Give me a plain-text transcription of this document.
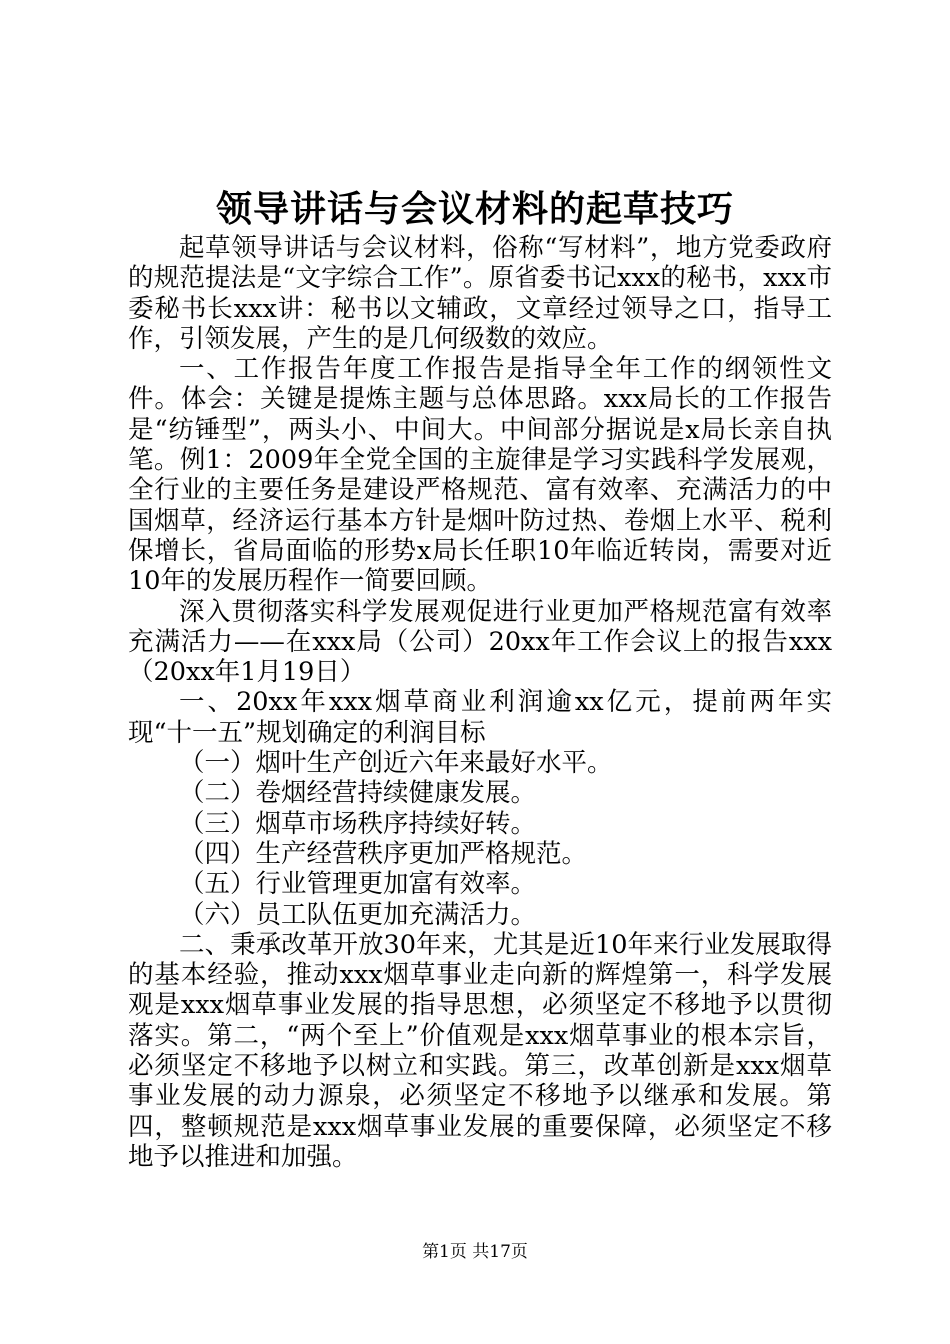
领导讲话与会议材料的起草技巧

起草领导讲话与会议材料，俗称“写材料”，地方党委政府的规范提法是“文字综合工作”。原省委书记xxx的秘书，xxx市委秘书长xxx讲：秘书以文辅政，文章经过领导之口，指导工作，引领发展，产生的是几何级数的效应。

一、工作报告年度工作报告是指导全年工作的纲领性文件。体会：关键是提炼主题与总体思路。xxx局长的工作报告是“纺锤型”，两头小、中间大。中间部分据说是x局长亲自执笔。例1：2009年全党全国的主旋律是学习实践科学发展观，全行业的主要任务是建设严格规范、富有效率、充满活力的中国烟草，经济运行基本方针是烟叶防过热、卷烟上水平、税利保增长，省局面临的形势x局长任职10年临近转岗，需要对近10年的发展历程作一简要回顾。

深入贯彻落实科学发展观促进行业更加严格规范富有效率充满活力——在xxx局（公司）20xx年工作会议上的报告xxx（20xx年1月19日）

一、20xx年xxx烟草商业利润逾xx亿元，提前两年实现“十一五”规划确定的利润目标

（一）烟叶生产创近六年来最好水平。

（二）卷烟经营持续健康发展。

（三）烟草市场秩序持续好转。

（四）生产经营秩序更加严格规范。

（五）行业管理更加富有效率。

（六）员工队伍更加充满活力。

二、秉承改革开放30年来，尤其是近10年来行业发展取得的基本经验，推动xxx烟草事业走向新的辉煌第一，科学发展观是xxx烟草事业发展的指导思想，必须坚定不移地予以贯彻落实。第二，“两个至上”价值观是xxx烟草事业的根本宗旨，必须坚定不移地予以树立和实践。第三，改革创新是xxx烟草事业发展的动力源泉，必须坚定不移地予以继承和发展。第四，整顿规范是xxx烟草事业发展的重要保障，必须坚定不移地予以推进和加强。

第1页 共17页
